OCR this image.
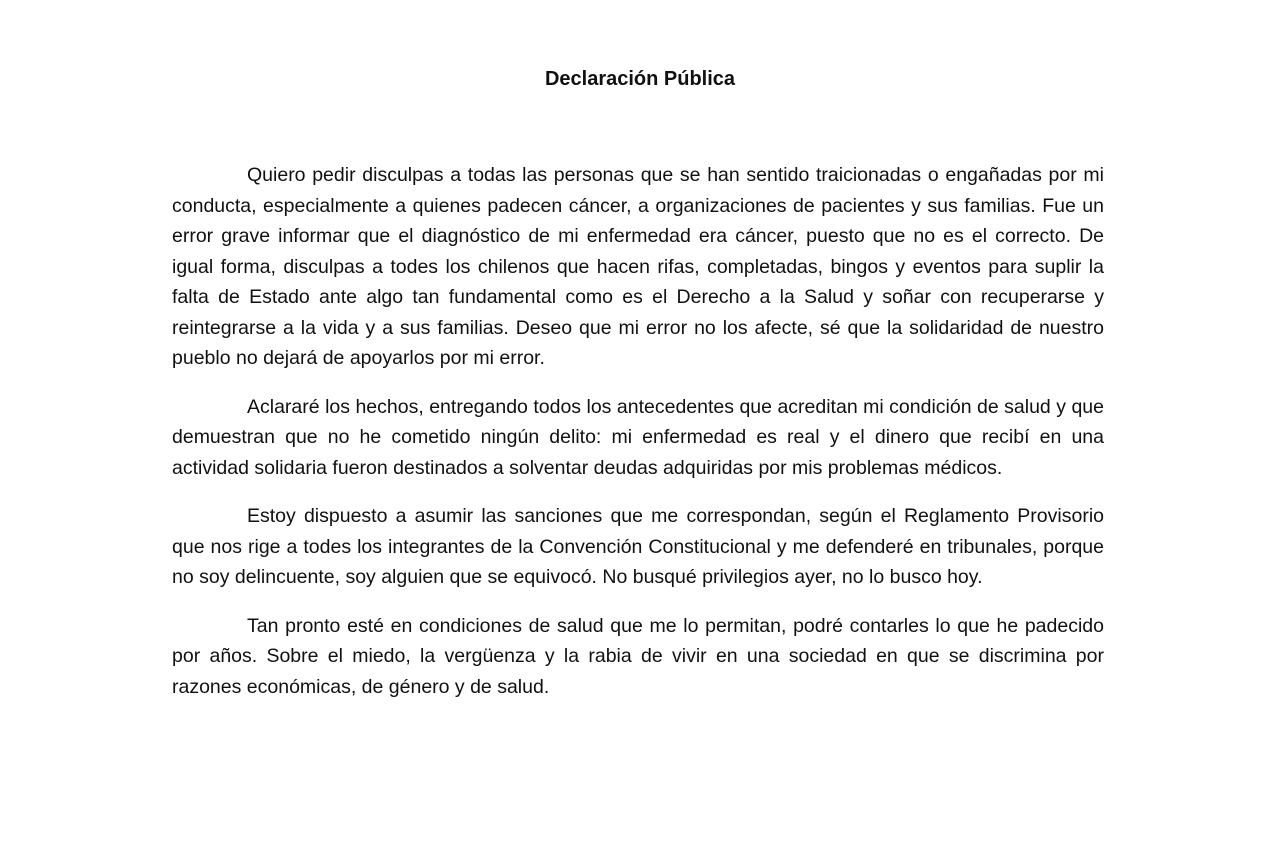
Declaración Pública

Quiero pedir disculpas a todas las personas que se han sentido traicionadas o engañadas por mi conducta, especialmente a quienes padecen cáncer, a organizaciones de pacientes y sus familias. Fue un error grave informar que el diagnóstico de mi enfermedad era cáncer, puesto que no es el correcto. De igual forma, disculpas a todes los chilenos que hacen rifas, completadas, bingos y eventos para suplir la falta de Estado ante algo tan fundamental como es el Derecho a la Salud y soñar con recuperarse y reintegrarse a la vida y a sus familias. Deseo que mi error no los afecte, sé que la solidaridad de nuestro pueblo no dejará de apoyarlos por mi error.

Aclararé los hechos, entregando todos los antecedentes que acreditan mi condición de salud y que demuestran que no he cometido ningún delito: mi enfermedad es real y el dinero que recibí en una actividad solidaria fueron destinados a solventar deudas adquiridas por mis problemas médicos.

Estoy dispuesto a asumir las sanciones que me correspondan, según el Reglamento Provisorio que nos rige a todes los integrantes de la Convención Constitucional y me defenderé en tribunales, porque no soy delincuente, soy alguien que se equivocó. No busqué privilegios ayer, no lo busco hoy.

Tan pronto esté en condiciones de salud que me lo permitan, podré contarles lo que he padecido por años. Sobre el miedo, la vergüenza y la rabia de vivir en una sociedad en que se discrimina por razones económicas, de género y de salud.
